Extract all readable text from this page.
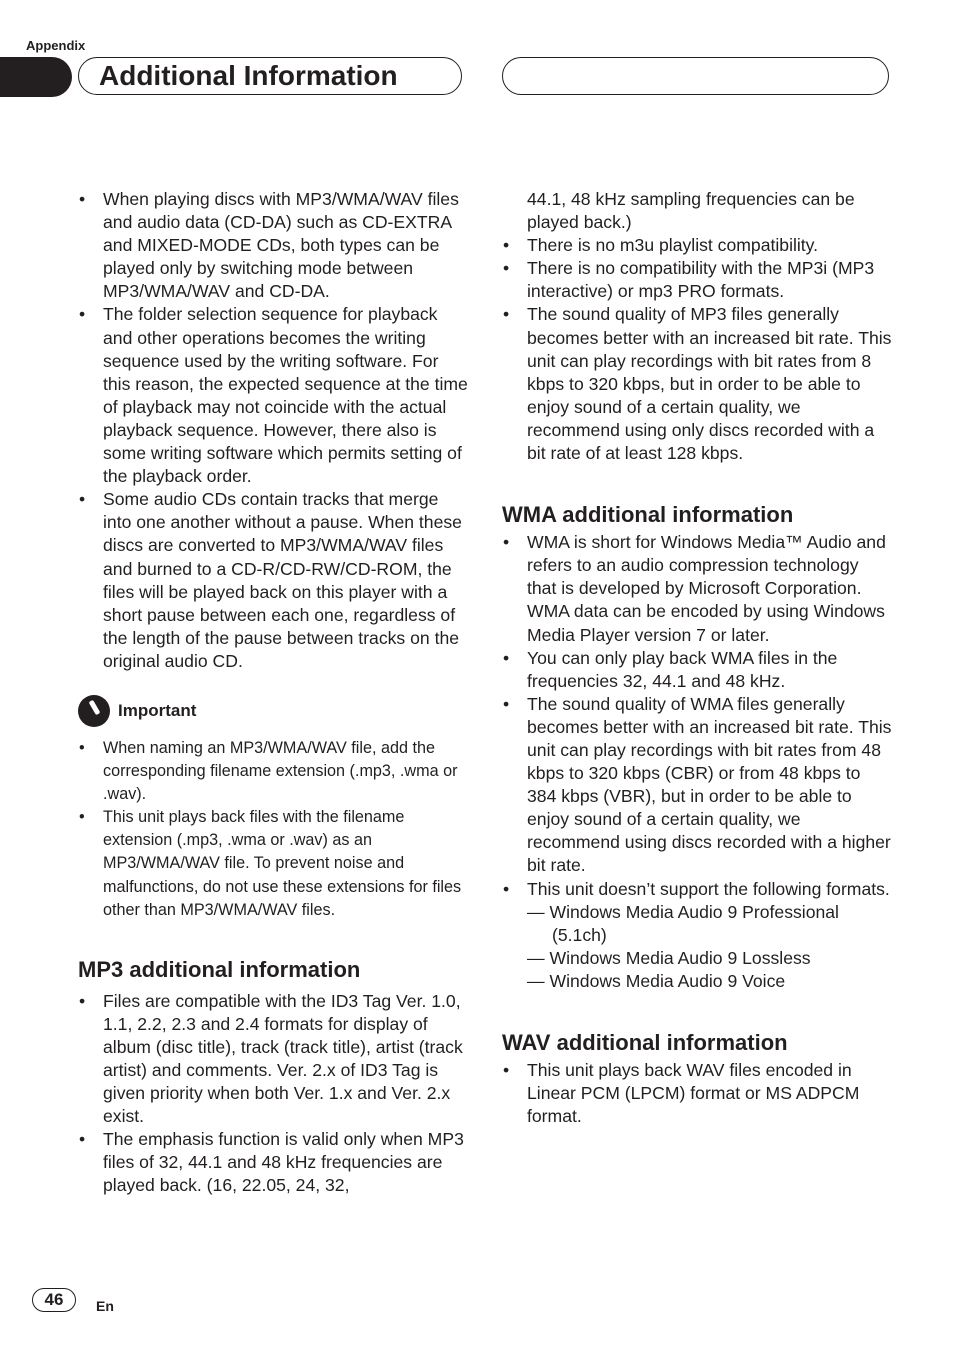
Appendix
Additional Information
• When playing discs with MP3/WMA/WAV files and audio data (CD-DA) such as CD-EXTRA and MIXED-MODE CDs, both types can be played only by switching mode between MP3/WMA/WAV and CD-DA.
• The folder selection sequence for playback and other operations becomes the writing sequence used by the writing software. For this reason, the expected sequence at the time of playback may not coincide with the actual playback sequence. However, there also is some writing software which permits setting of the playback order.
• Some audio CDs contain tracks that merge into one another without a pause. When these discs are converted to MP3/WMA/WAV files and burned to a CD-R/CD-RW/CD-ROM, the files will be played back on this player with a short pause between each one, regardless of the length of the pause between tracks on the original audio CD.
Important
• When naming an MP3/WMA/WAV file, add the corresponding filename extension (.mp3, .wma or .wav).
• This unit plays back files with the filename extension (.mp3, .wma or .wav) as an MP3/WMA/WAV file. To prevent noise and malfunctions, do not use these extensions for files other than MP3/WMA/WAV files.
MP3 additional information
• Files are compatible with the ID3 Tag Ver. 1.0, 1.1, 2.2, 2.3 and 2.4 formats for display of album (disc title), track (track title), artist (track artist) and comments. Ver. 2.x of ID3 Tag is given priority when both Ver. 1.x and Ver. 2.x exist.
• The emphasis function is valid only when MP3 files of 32, 44.1 and 48 kHz frequencies are played back. (16, 22.05, 24, 32,
44.1, 48 kHz sampling frequencies can be played back.)
• There is no m3u playlist compatibility.
• There is no compatibility with the MP3i (MP3 interactive) or mp3 PRO formats.
• The sound quality of MP3 files generally becomes better with an increased bit rate. This unit can play recordings with bit rates from 8 kbps to 320 kbps, but in order to be able to enjoy sound of a certain quality, we recommend using only discs recorded with a bit rate of at least 128 kbps.
WMA additional information
• WMA is short for Windows Media™ Audio and refers to an audio compression technology that is developed by Microsoft Corporation. WMA data can be encoded by using Windows Media Player version 7 or later.
• You can only play back WMA files in the frequencies 32, 44.1 and 48 kHz.
• The sound quality of WMA files generally becomes better with an increased bit rate. This unit can play recordings with bit rates from 48 kbps to 320 kbps (CBR) or from 48 kbps to 384 kbps (VBR), but in order to be able to enjoy sound of a certain quality, we recommend using discs recorded with a higher bit rate.
• This unit doesn’t support the following formats.
— Windows Media Audio 9 Professional (5.1ch)
— Windows Media Audio 9 Lossless
— Windows Media Audio 9 Voice
WAV additional information
• This unit plays back WAV files encoded in Linear PCM (LPCM) format or MS ADPCM format.
46	En
